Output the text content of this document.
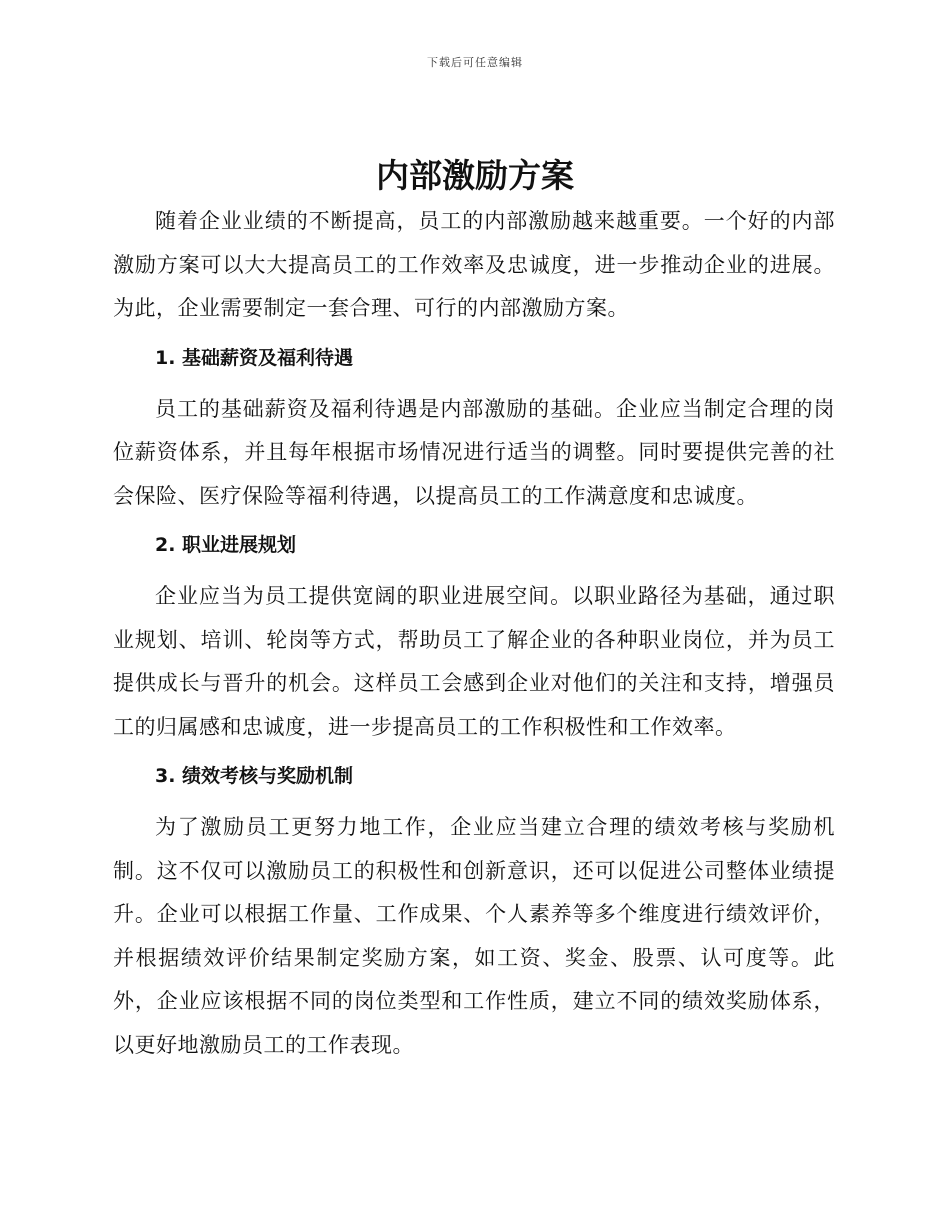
下载后可任意编辑
内部激励方案

随着企业业绩的不断提高，员工的内部激励越来越重要。一个好的内部激励方案可以大大提高员工的工作效率及忠诚度，进一步推动企业的进展。为此，企业需要制定一套合理、可行的内部激励方案。

1. 基础薪资及福利待遇

员工的基础薪资及福利待遇是内部激励的基础。企业应当制定合理的岗位薪资体系，并且每年根据市场情况进行适当的调整。同时要提供完善的社会保险、医疗保险等福利待遇，以提高员工的工作满意度和忠诚度。

2. 职业进展规划

企业应当为员工提供宽阔的职业进展空间。以职业路径为基础，通过职业规划、培训、轮岗等方式，帮助员工了解企业的各种职业岗位，并为员工提供成长与晋升的机会。这样员工会感到企业对他们的关注和支持，增强员工的归属感和忠诚度，进一步提高员工的工作积极性和工作效率。

3. 绩效考核与奖励机制

为了激励员工更努力地工作，企业应当建立合理的绩效考核与奖励机制。这不仅可以激励员工的积极性和创新意识，还可以促进公司整体业绩提升。企业可以根据工作量、工作成果、个人素养等多个维度进行绩效评价，并根据绩效评价结果制定奖励方案，如工资、奖金、股票、认可度等。此外，企业应该根据不同的岗位类型和工作性质，建立不同的绩效奖励体系，以更好地激励员工的工作表现。
